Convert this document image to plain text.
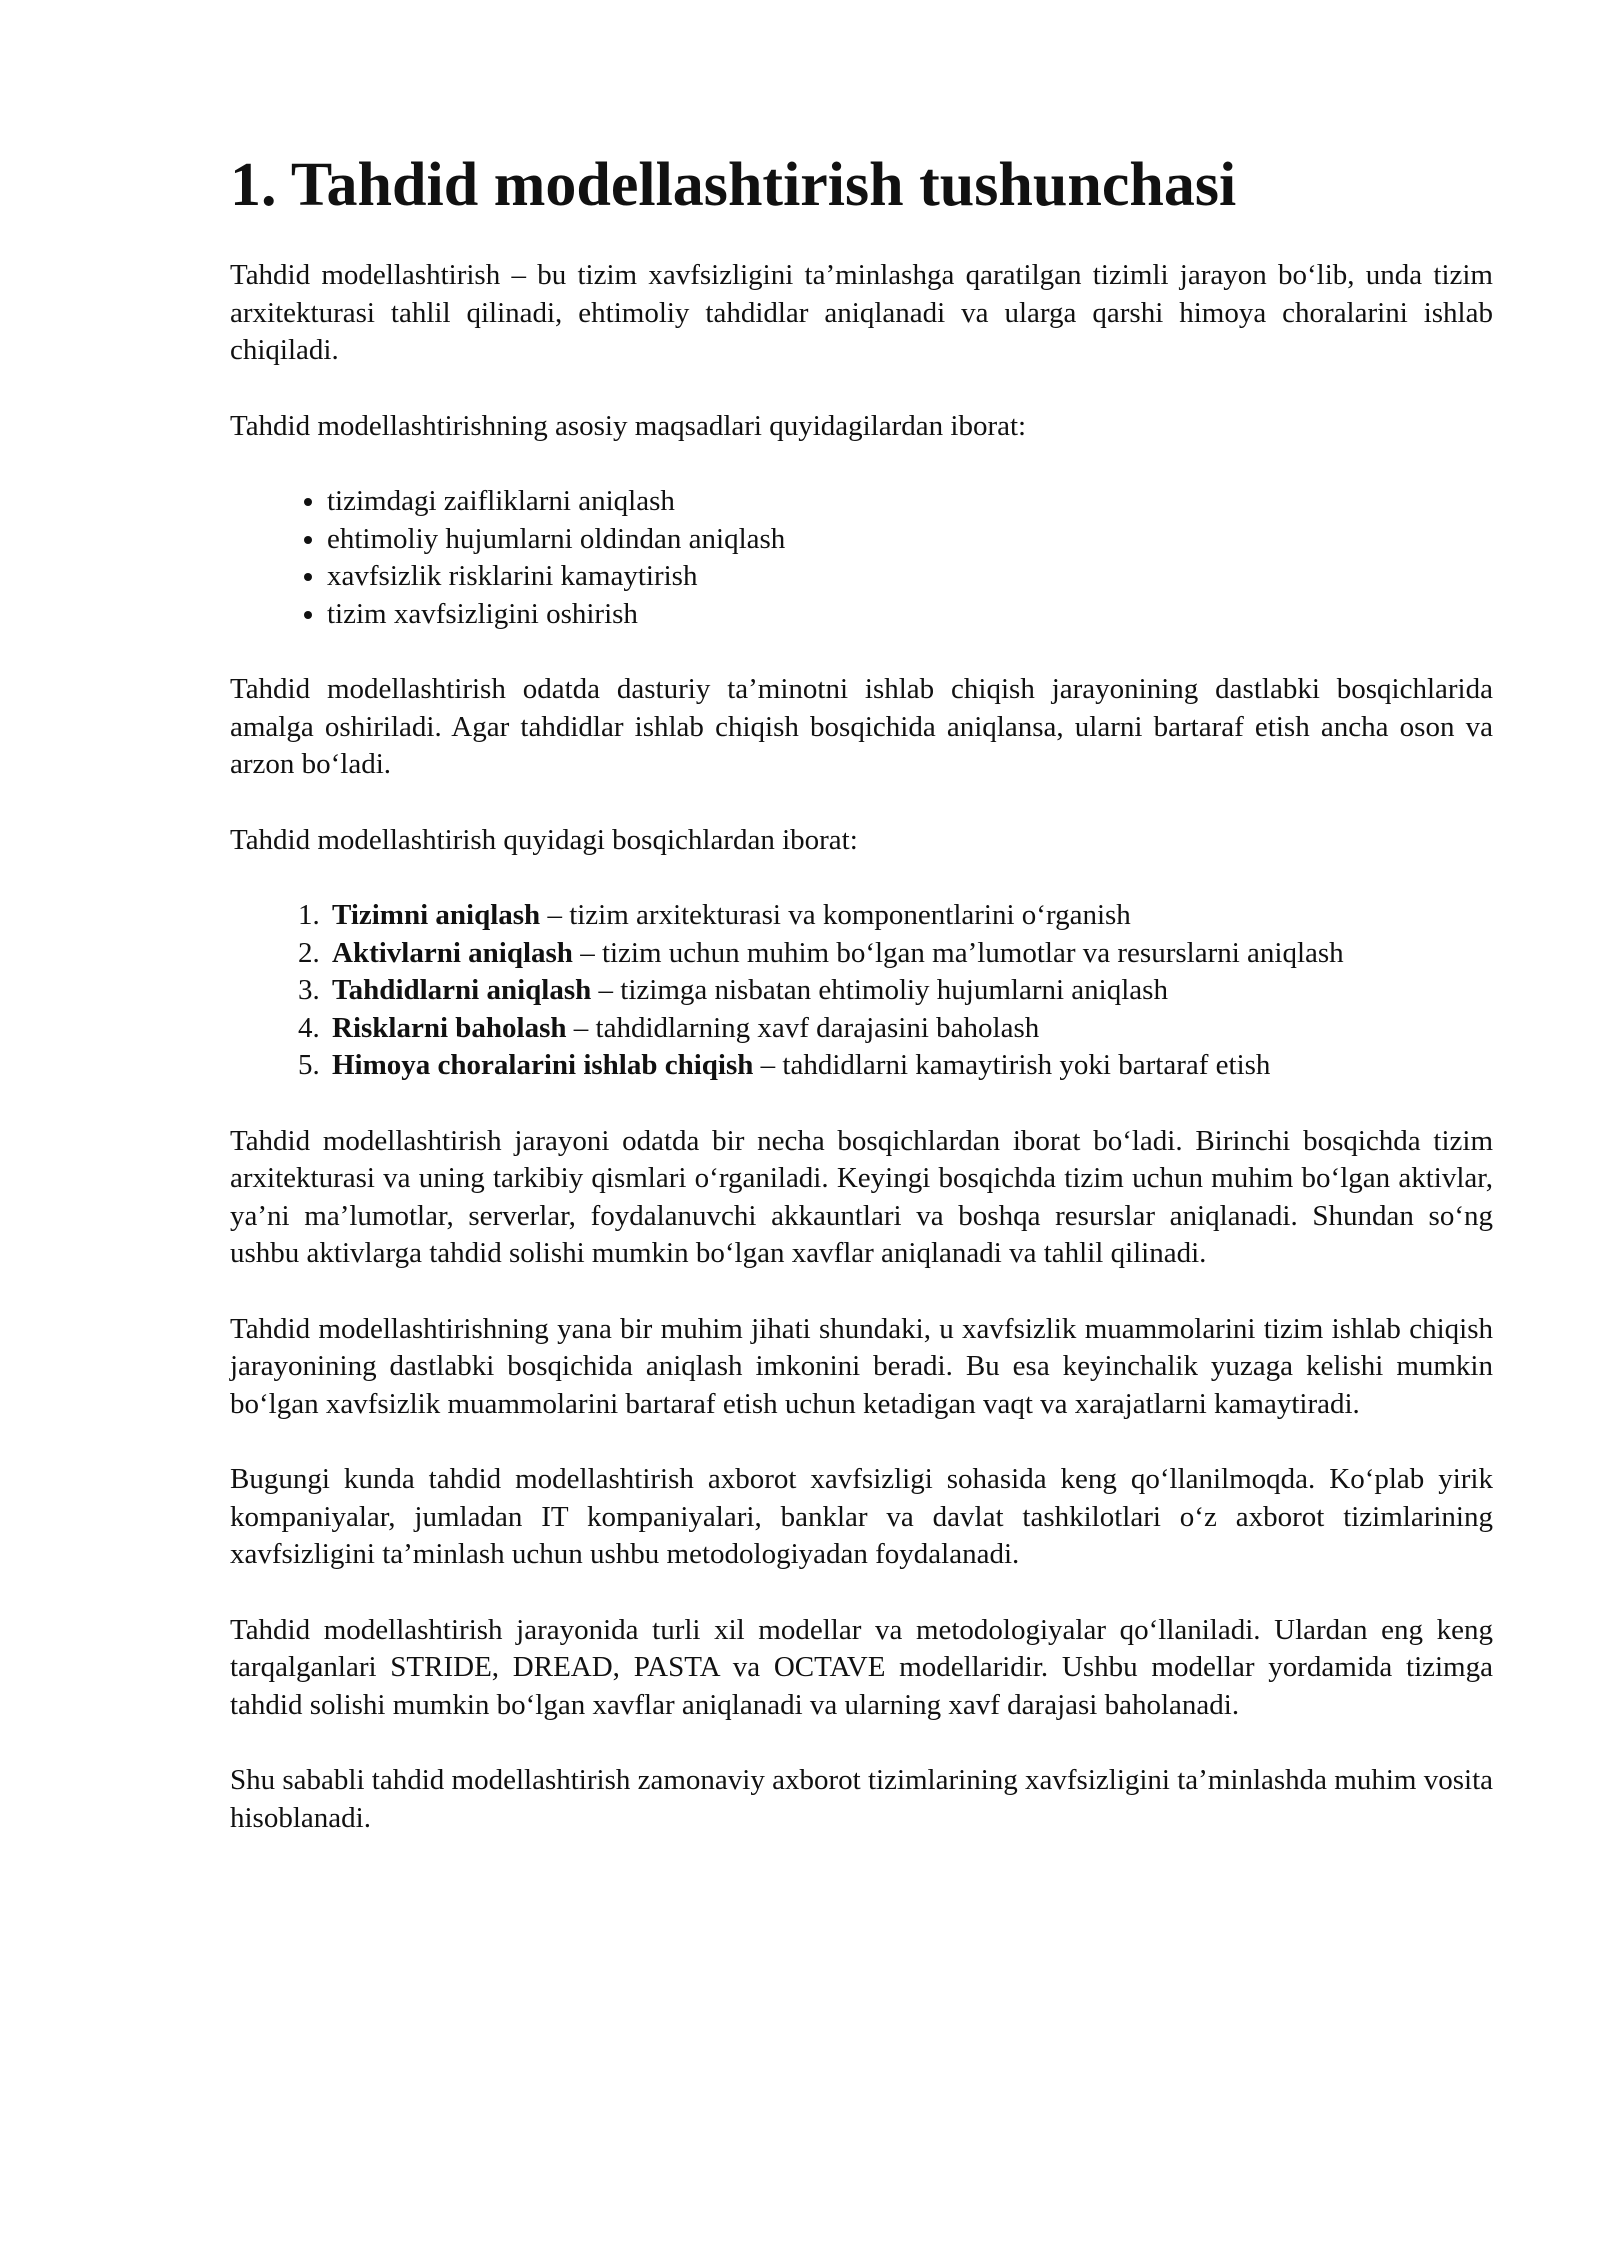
1. Tahdid modellashtirish tushunchasi

Tahdid modellashtirish – bu tizim xavfsizligini ta’minlashga qaratilgan tizimli jarayon bo‘lib, unda tizim arxitekturasi tahlil qilinadi, ehtimoliy tahdidlar aniqlanadi va ularga qarshi himoya choralarini ishlab chiqiladi.

Tahdid modellashtirishning asosiy maqsadlari quyidagilardan iborat:

• tizimdagi zaifliklarni aniqlash
• ehtimoliy hujumlarni oldindan aniqlash
• xavfsizlik risklarini kamaytirish
• tizim xavfsizligini oshirish

Tahdid modellashtirish odatda dasturiy ta’minotni ishlab chiqish jarayonining dastlabki bosqichlarida amalga oshiriladi. Agar tahdidlar ishlab chiqish bosqichida aniqlansa, ularni bartaraf etish ancha oson va arzon bo‘ladi.

Tahdid modellashtirish quyidagi bosqichlardan iborat:

1. Tizimni aniqlash – tizim arxitekturasi va komponentlarini o‘rganish
2. Aktivlarni aniqlash – tizim uchun muhim bo‘lgan ma’lumotlar va resurslarni aniqlash
3. Tahdidlarni aniqlash – tizimga nisbatan ehtimoliy hujumlarni aniqlash
4. Risklarni baholash – tahdidlarning xavf darajasini baholash
5. Himoya choralarini ishlab chiqish – tahdidlarni kamaytirish yoki bartaraf etish

Tahdid modellashtirish jarayoni odatda bir necha bosqichlardan iborat bo‘ladi. Birinchi bosqichda tizim arxitekturasi va uning tarkibiy qismlari o‘rganiladi. Keyingi bosqichda tizim uchun muhim bo‘lgan aktivlar, ya’ni ma’lumotlar, serverlar, foydalanuvchi akkauntlari va boshqa resurslar aniqlanadi. Shundan so‘ng ushbu aktivlarga tahdid solishi mumkin bo‘lgan xavflar aniqlanadi va tahlil qilinadi.

Tahdid modellashtirishning yana bir muhim jihati shundaki, u xavfsizlik muammolarini tizim ishlab chiqish jarayonining dastlabki bosqichida aniqlash imkonini beradi. Bu esa keyinchalik yuzaga kelishi mumkin bo‘lgan xavfsizlik muammolarini bartaraf etish uchun ketadigan vaqt va xarajatlarni kamaytiradi.

Bugungi kunda tahdid modellashtirish axborot xavfsizligi sohasida keng qo‘llanilmoqda. Ko‘plab yirik kompaniyalar, jumladan IT kompaniyalari, banklar va davlat tashkilotlari o‘z axborot tizimlarining xavfsizligini ta’minlash uchun ushbu metodologiyadan foydalanadi.

Tahdid modellashtirish jarayonida turli xil modellar va metodologiyalar qo‘llaniladi. Ulardan eng keng tarqalganlari STRIDE, DREAD, PASTA va OCTAVE modellaridir. Ushbu modellar yordamida tizimga tahdid solishi mumkin bo‘lgan xavflar aniqlanadi va ularning xavf darajasi baholanadi.

Shu sababli tahdid modellashtirish zamonaviy axborot tizimlarining xavfsizligini ta’minlashda muhim vosita hisoblanadi.
